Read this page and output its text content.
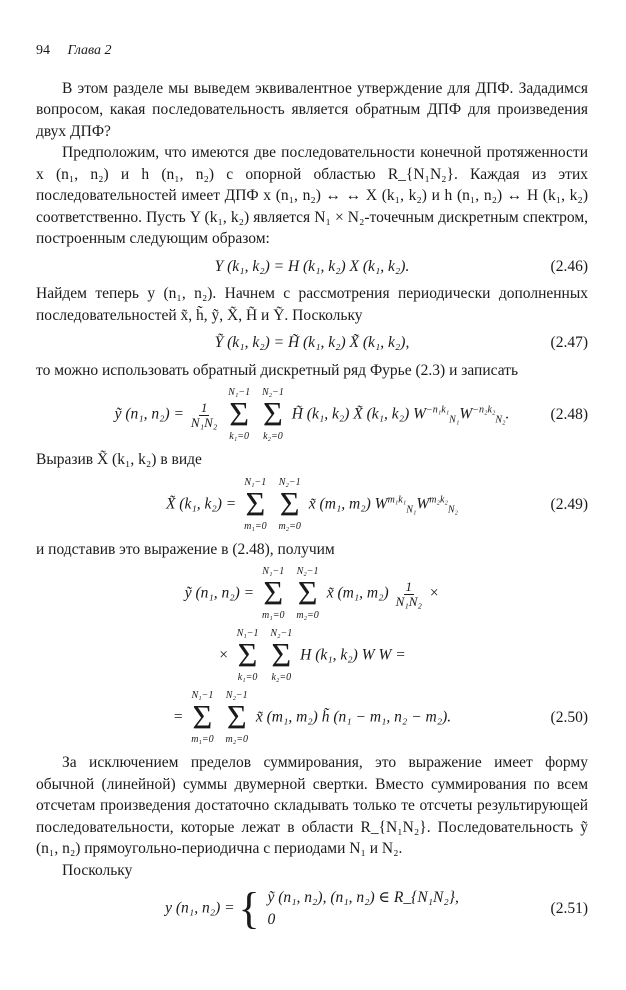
94 Глава 2

В этом разделе мы выведем эквивалентное утверждение для ДПФ. Зададимся вопросом, какая последовательность является обратным ДПФ для произведения двух ДПФ?

Предположим, что имеются две последовательности конечной протяженности x (n₁, n₂) и h (n₁, n₂) с опорной областью R_{N₁N₂}. Каждая из этих последовательностей имеет ДПФ x (n₁, n₂) ↔ ↔ X (k₁, k₂) и h (n₁, n₂) ↔ H (k₁, k₂) соответственно. Пусть Y (k₁, k₂) является N₁ × N₂-точечным дискретным спектром, построенным следующим образом:

Y (k₁, k₂) = H (k₁, k₂) X (k₁, k₂).	(2.46)

Найдем теперь y (n₁, n₂). Начнем с рассмотрения периодически дополненных последовательностей x̃, h̃, ỹ, X̃, H̃ и Ỹ. Поскольку

Ỹ (k₁, k₂) = H̃ (k₁, k₂) X̃ (k₁, k₂),	(2.47)

то можно использовать обратный дискретный ряд Фурье (2.3) и записать

ỹ (n₁, $n_2) = \frac{1}{\text{N₁N₂}}$

N₁−1
Σ
k₁=0

N₂−1
Σ
k₂=0
H̃ (k₁, k₂) X̃ (k₁, k₂) $W^{-n_1k_1}_{N_1}W^{-n_2k_2}_{N_2}$.	(2.48)

Выразив X̃ (k₁, k₂) в виде

X̃ (k₁, k₂) =
N₁−1
Σ
m₁=0

N₂−1
Σ
m₂=0
x̃ (m₁, m₂) $W^{m_1k_1}_{N_1}W^{m_2k_2}_{N_2}$	(2.49)

и подставив это выражение в (2.48), получим

ỹ (n₁, n₂) =
N₁−1
Σ
m₁=0

N₂−1
Σ
m₂=0
x̃ (m₁, $m_2) \frac{1}{\text{N₁N₂}}$ ×
×
N₁−1
Σ
k₁=0

N₂−1
Σ
k₂=0
H (k₁, k₂) W W =
=
N₁−1
Σ
m₁=0

N₂−1
Σ
m₂=0
x̃ (m₁, m₂) h̃ (n₁ − m₁, n₂ − m₂).	(2.50)

За исключением пределов суммирования, это выражение имеет форму обычной (линейной) суммы двумерной свертки. Вместо суммирования по всем отсчетам произведения достаточно складывать только те отсчеты результирующей последовательности, которые лежат в области R_{N₁N₂}. Последовательность ỹ (n₁, n₂) прямоугольно-периодична с периодами N₁ и N₂.

Поскольку

y (n₁, n₂) = { ỹ (n₁, n₂), (n₁, n₂) ∈ R_{N₁N₂},
0
(2.51)
